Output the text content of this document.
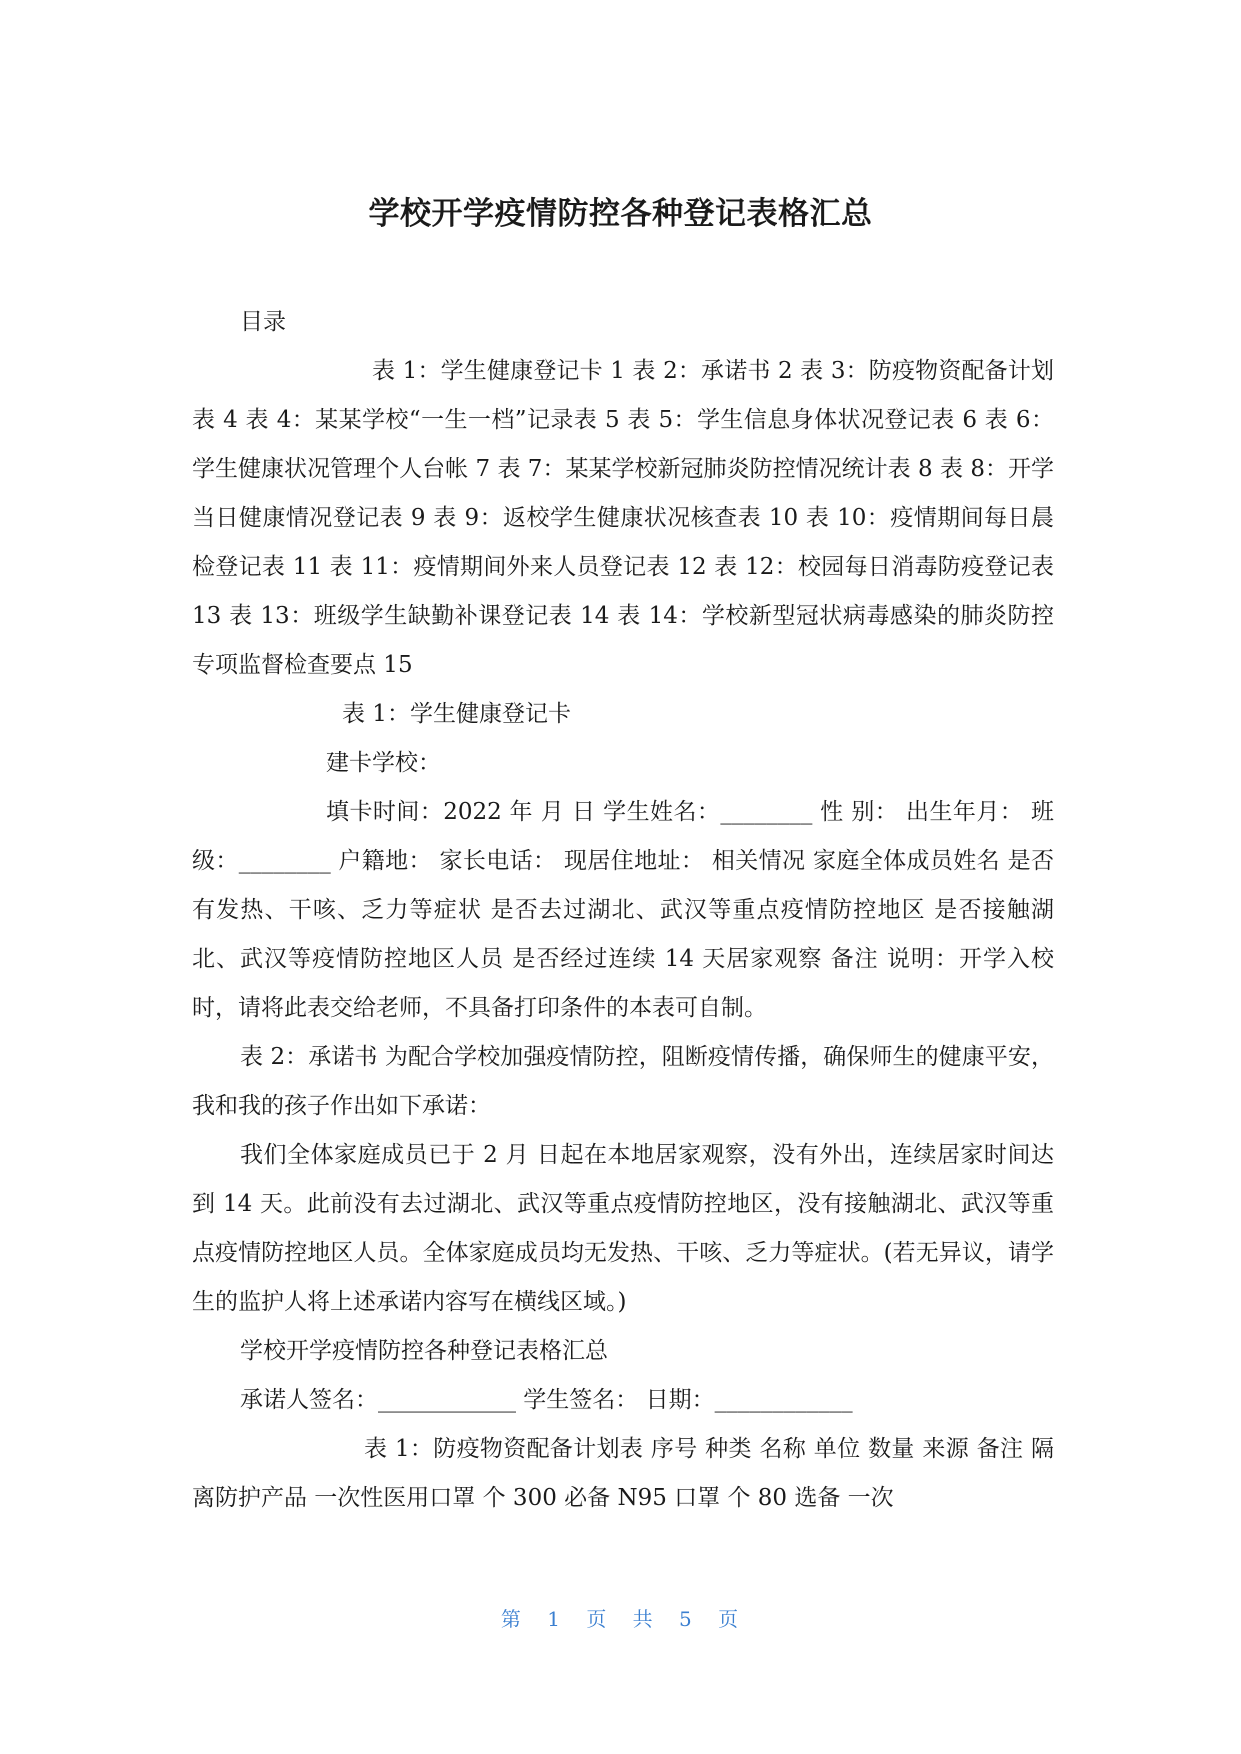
学校开学疫情防控各种登记表格汇总

目录

表 1：学生健康登记卡 1 表 2：承诺书 2 表 3：防疫物资配备计划表 4 表 4：某某学校“一生一档”记录表 5 表 5：学生信息身体状况登记表 6 表 6：学生健康状况管理个人台帐 7 表 7：某某学校新冠肺炎防控情况统计表 8 表 8：开学当日健康情况登记表 9 表 9：返校学生健康状况核查表 10 表 10：疫情期间每日晨检登记表 11 表 11：疫情期间外来人员登记表 12 表 12：校园每日消毒防疫登记表 13 表 13：班级学生缺勤补课登记表 14 表 14：学校新型冠状病毒感染的肺炎防控专项监督检查要点 15

表 1：学生健康登记卡

建卡学校：

填卡时间：2022 年 月 日 学生姓名：________ 性 别： 出生年月： 班 级：________ 户籍地： 家长电话： 现居住地址： 相关情况 家庭全体成员姓名 是否有发热、干咳、乏力等症状 是否去过湖北、武汉等重点疫情防控地区 是否接触湖北、武汉等疫情防控地区人员 是否经过连续 14 天居家观察 备注 说明：开学入校时，请将此表交给老师，不具备打印条件的本表可自制。

表 2：承诺书 为配合学校加强疫情防控，阻断疫情传播，确保师生的健康平安，我和我的孩子作出如下承诺：

我们全体家庭成员已于 2 月 日起在本地居家观察，没有外出，连续居家时间达到 14 天。此前没有去过湖北、武汉等重点疫情防控地区，没有接触湖北、武汉等重点疫情防控地区人员。全体家庭成员均无发热、干咳、乏力等症状。(若无异议，请学生的监护人将上述承诺内容写在横线区域。)

学校开学疫情防控各种登记表格汇总

承诺人签名：____________ 学生签名： 日期：____________

表 1：防疫物资配备计划表 序号 种类 名称 单位 数量 来源 备注 隔离防护产品 一次性医用口罩 个 300 必备 N95 口罩 个 80 选备 一次

第 1 页 共 5 页
